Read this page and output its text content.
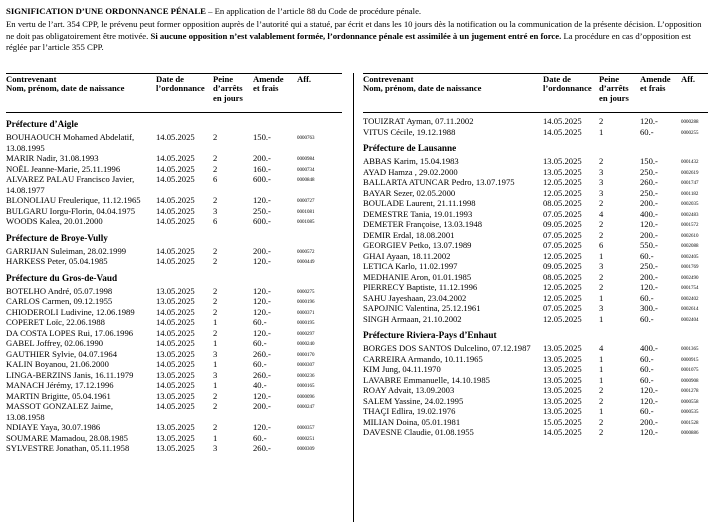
SIGNIFICATION D’UNE ORDONNANCE PÉNALE – En application de l’article 88 du Code de procédure pénale.

En vertu de l’art. 354 CPP, le prévenu peut former opposition auprès de l’autorité qui a statué, par écrit et dans les 10 jours dès la notification ou la communication de la présente décision. L’opposition ne doit pas obligatoirement être motivée. Si aucune opposition n’est valablement formée, l’ordonnance pénale est assimilée à un jugement entré en force. La procédure en cas d’opposition est réglée par l’article 355 CPP.

Contrevenant
Nom, prénom, date de naissance
Date de
l’ordonnance
Peine
d’arrêts
en jours
Amende
et frais
Aff.
Préfecture d’Aigle
BOUHAOUCH Mohamed Abdelatif, 13.08.1995
14.05.2025 2	150.-	0000763
MARIR Nadir, 31.08.1993	14.05.2025 2	200.-	0000984
NOËL Jeanne-Marie, 25.11.1996	14.05.2025 2	160.-	0000734
ALVAREZ PALAU Francisco Javier, 14.08.1977
14.05.2025 6	600.-	0000848
BLONOLIAU Freulerique, 11.12.1965	14.05.2025 2	120.-	0000727
BULGARU Iorgu-Florin, 04.04.1975	14.05.2025 3	250.-	0001081
WOODS Kalea, 20.01.2000	14.05.2025 6	600.-	0001085
Préfecture de Broye-Vully
GARRIJAN Suleiman, 28.02.1999	14.05.2025 2	200.-	0000572
HARKESS Peter, 05.04.1985	14.05.2025 2	120.-	0000449
Préfecture du Gros-de-Vaud
BOTELHO André, 05.07.1998	13.05.2025 2	120.-	0000275
CARLOS Carmen, 09.12.1955	13.05.2025 2	120.-	0000196
CHIODEROLI Ludivine, 12.06.1989	14.05.2025 2	120.-	0000371
COPERET Loïc, 22.06.1988	14.05.2025 1	60.-	0000195
DA COSTA LOPES Rui, 17.06.1996	14.05.2025 2	120.-	0000297
GABEL Joffrey, 02.06.1990	14.05.2025 1	60.-	0000240
GAUTHIER Sylvie, 04.07.1964	13.05.2025 3	260.-	0000170
KALIN Boyanou, 21.06.2000	14.05.2025 1	60.-	0000307
LINGA-BERZINS Janis, 16.11.1979	13.05.2025 3	260.-	0000236
MANACH Jérémy, 17.12.1996	14.05.2025 1	40.-	0000165
MARTIN Brigitte, 05.04.1961	13.05.2025 2	120.-	0000096
MASSOT GONZALEZ Jaime, 13.08.1958
14.05.2025 2	200.-	0000247
NDIAYE Yaya, 30.07.1986	13.05.2025 2	120.-	0000357
SOUMARE Mamadou, 28.08.1985	13.05.2025 1	60.-	0000251
SYLVESTRE Jonathan, 05.11.1958	13.05.2025 3	260.-	0000309
Contrevenant
Nom, prénom, date de naissance
Date de
l’ordonnance
Peine
d’arrêts
en jours
Amende
et frais
Aff.
TOUIZRAT Ayman, 07.11.2002	14.05.2025 2	120.-	0000288
VITUS Cécile, 19.12.1988	14.05.2025 1	60.-	0000255
Préfecture de Lausanne
ABBAS Karim, 15.04.1983	13.05.2025 2	150.-	0001432
AYAD Hamza , 29.02.2000	13.05.2025 3	250.-	0002619
BALLARTA ATUNCAR Pedro, 13.07.1975	12.05.2025 3	260.-	0001747
BAYAR Sezer, 02.05.2000	12.05.2025 3	250.-	0001182
BOULADE Laurent, 21.11.1998	08.05.2025 2	200.-	0002035
DEMESTRE Tania, 19.01.1993	07.05.2025 4	400.-	0002483
DEMETER Françoise, 13.03.1948	09.05.2025 2	120.-	0001572
DEMIR Erdal, 18.08.2001	07.05.2025 2	200.-	0002610
GEORGIEV Petko, 13.07.1989	07.05.2025 6	550.-	0002088
GHAI Ayaan, 18.11.2002	12.05.2025 1	60.-	0002405
LETICA Karlo, 11.02.1997	09.05.2025 3	250.-	0001769
MEDHANIE Aron, 01.01.1985	08.05.2025 2	200.-	0002490
PIERRECY Baptiste, 11.12.1996	12.05.2025 2	120.-	0001754
SAHU Jayeshaan, 23.04.2002	12.05.2025 1	60.-	0002402
SAPOJNIC Valentina, 25.12.1961	07.05.2025 3	300.-	0002614
SINGH Armaan, 21.10.2002	12.05.2025 1	60.-	0002404
Préfecture Riviera-Pays d’Enhaut
BORGES DOS SANTOS Dulcelino, 07.12.1987	13.05.2025 4	400.-	0001365
CARREIRA Armando, 10.11.1965	13.05.2025 1	60.-	0000915
KIM Jung, 04.11.1970	13.05.2025 1	60.-	0001075
LAVABRE Emmanuelle, 14.10.1985	13.05.2025 1	60.-	0000908
ROAY Advait, 13.09.2003	13.05.2025 2	120.-	0001278
SALEM Yassine, 24.02.1995	13.05.2025 2	120.-	0000558
THAÇI Edlira, 19.02.1976	13.05.2025 1	60.-	0000535
MILIAN Doina, 05.01.1981	15.05.2025 2	200.-	0001528
DAVESNE Claudie, 01.08.1955	14.05.2025 2	120.-	0000886
